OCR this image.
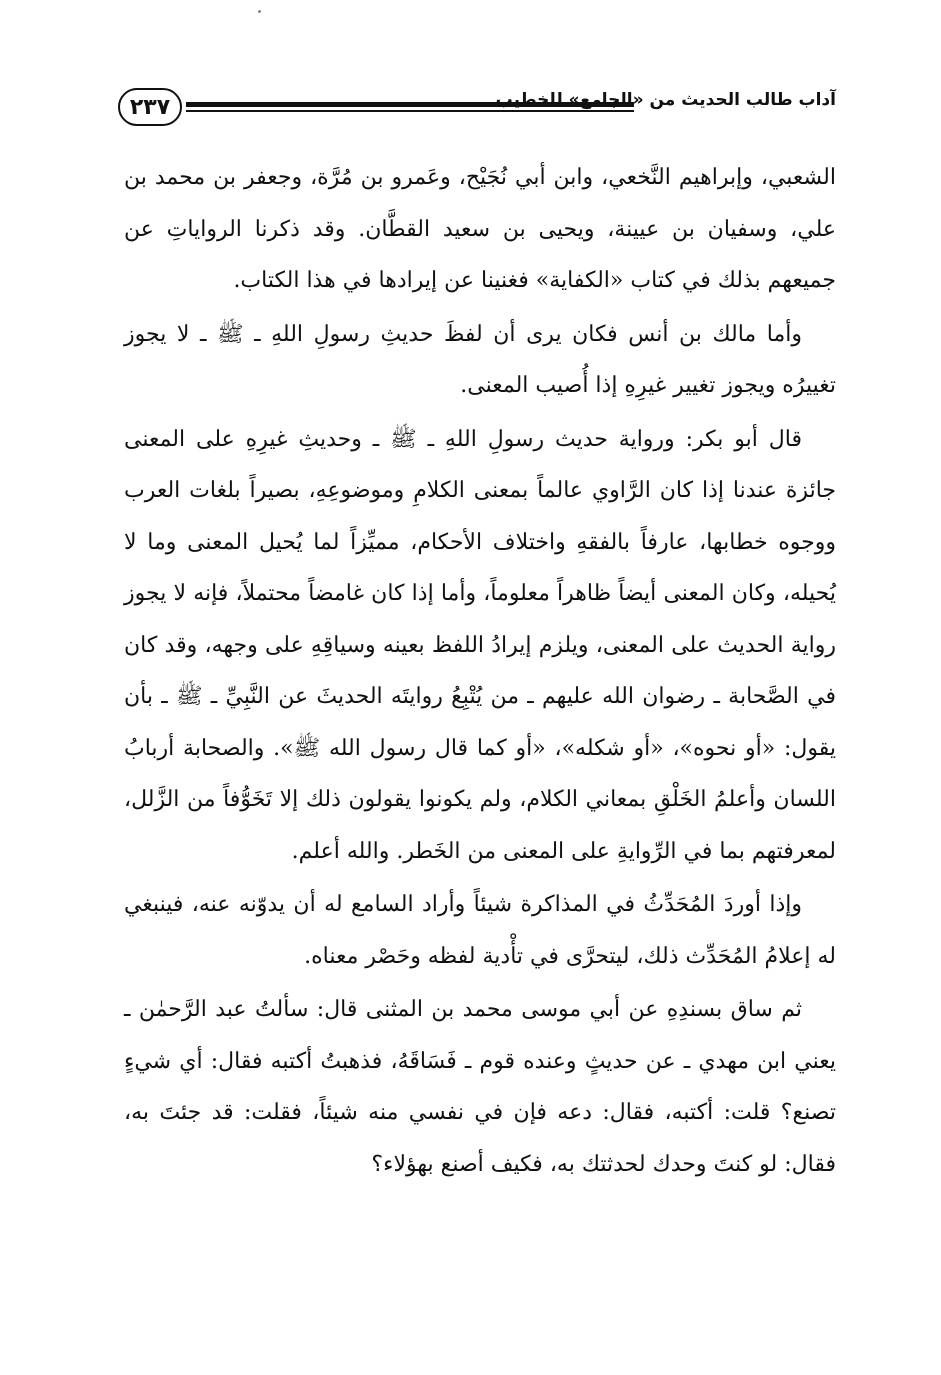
٢٣٧	آداب طالب الحديث من «الجامع» للخطيب

الشعبي، وإبراهيم النَّخعي، وابن أبي نُجَيْح، وعَمرو بن مُرَّة، وجعفر بن محمد بن علي، وسفيان بن عيينة، ويحيى بن سعيد القطَّان. وقد ذكرنا الرواياتِ عن جميعهم بذلك في كتاب «الكفاية» فغنينا عن إيرادها في هذا الكتاب.

وأما مالك بن أنس فكان يرى أن لفظَ حديثِ رسولِ اللهِ ـ ﷺ ـ لا يجوز تغييرُه ويجوز تغيير غيرِهِ إذا أُصيب المعنى.

قال أبو بكر: ورواية حديث رسولِ اللهِ ـ ﷺ ـ وحديثِ غيرِهِ على المعنى جائزة عندنا إذا كان الرَّاوي عالماً بمعنى الكلامِ وموضوعِهِ، بصيراً بلغات العرب ووجوه خطابها، عارفاً بالفقهِ واختلاف الأحكام، مميِّزاً لما يُحيل المعنى وما لا يُحيله، وكان المعنى أيضاً ظاهراً معلوماً، وأما إذا كان غامضاً محتملاً، فإنه لا يجوز رواية الحديث على المعنى، ويلزم إيرادُ اللفظ بعينه وسياقِهِ على وجهه، وقد كان في الصَّحابة ـ رضوان الله عليهم ـ من يُتْبِعُ روايتَه الحديثَ عن النَّبِيِّ ـ ﷺ ـ بأن يقول: «أو نحوه»، «أو شكله»، «أو كما قال رسول الله ﷺ». والصحابة أربابُ اللسان وأعلمُ الخَلْقِ بمعاني الكلام، ولم يكونوا يقولون ذلك إلا تَخَوُّفاً من الزَّلل، لمعرفتهم بما في الرِّوايةِ على المعنى من الخَطر. والله أعلم.

وإذا أوردَ المُحَدِّثُ في المذاكرة شيئاً وأراد السامع له أن يدوّنه عنه، فينبغي له إعلامُ المُحَدِّث ذلك، ليتحرَّى في تأْدية لفظه وحَصْر معناه.

ثم ساق بسندِهِ عن أبي موسى محمد بن المثنى قال: سألتُ عبد الرَّحمٰن ـ يعني ابن مهدي ـ عن حديثٍ وعنده قوم ـ فَسَاقَهُ، فذهبتُ أكتبه فقال: أي شيءٍ تصنع؟ قلت: أكتبه، فقال: دعه فإن في نفسي منه شيئاً، فقلت: قد جئتَ به، فقال: لو كنتَ وحدك لحدثتك به، فكيف أصنع بهؤلاء؟
